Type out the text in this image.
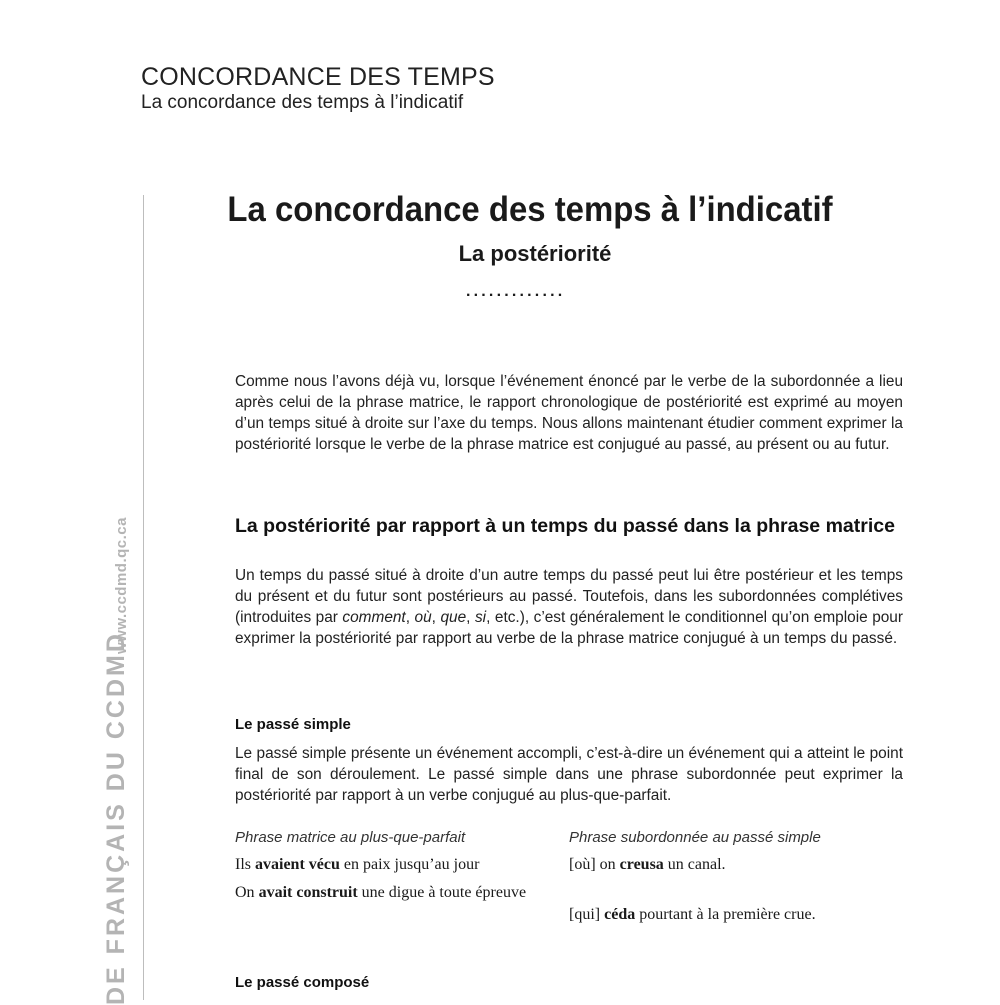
CONCORDANCE DES TEMPS
La concordance des temps à l’indicatif
www.ccdmd.qc.ca
DE FRANÇAIS DU CCDMD
La concordance des temps à l’indicatif
La postériorité
.............
Comme nous l’avons déjà vu, lorsque l’événement énoncé par le verbe de la subordonnée a lieu après celui de la phrase matrice, le rapport chronologique de postériorité est exprimé au moyen d’un temps situé à droite sur l’axe du temps. Nous allons maintenant étudier comment exprimer la postériorité lorsque le verbe de la phrase matrice est conjugué au passé, au présent ou au futur.
La postériorité par rapport à un temps du passé dans la phrase matrice
Un temps du passé situé à droite d’un autre temps du passé peut lui être postérieur et les temps du présent et du futur sont postérieurs au passé. Toutefois, dans les subordonnées complétives (introduites par comment, où, que, si, etc.), c’est généralement le conditionnel qu’on emploie pour exprimer la postériorité par rapport au verbe de la phrase matrice conjugué à un temps du passé.
Le passé simple
Le passé simple présente un événement accompli, c’est-à-dire un événement qui a atteint le point final de son déroulement. Le passé simple dans une phrase subordonnée peut exprimer la postériorité par rapport à un verbe conjugué au plus-que-parfait.
Phrase matrice au plus-que-parfait	Phrase subordonnée au passé simple
Ils avaient vécu en paix jusqu’au jour	[où] on creusa un canal.
On avait construit une digue à toute épreuve
[qui] céda pourtant à la première crue.
Le passé composé
